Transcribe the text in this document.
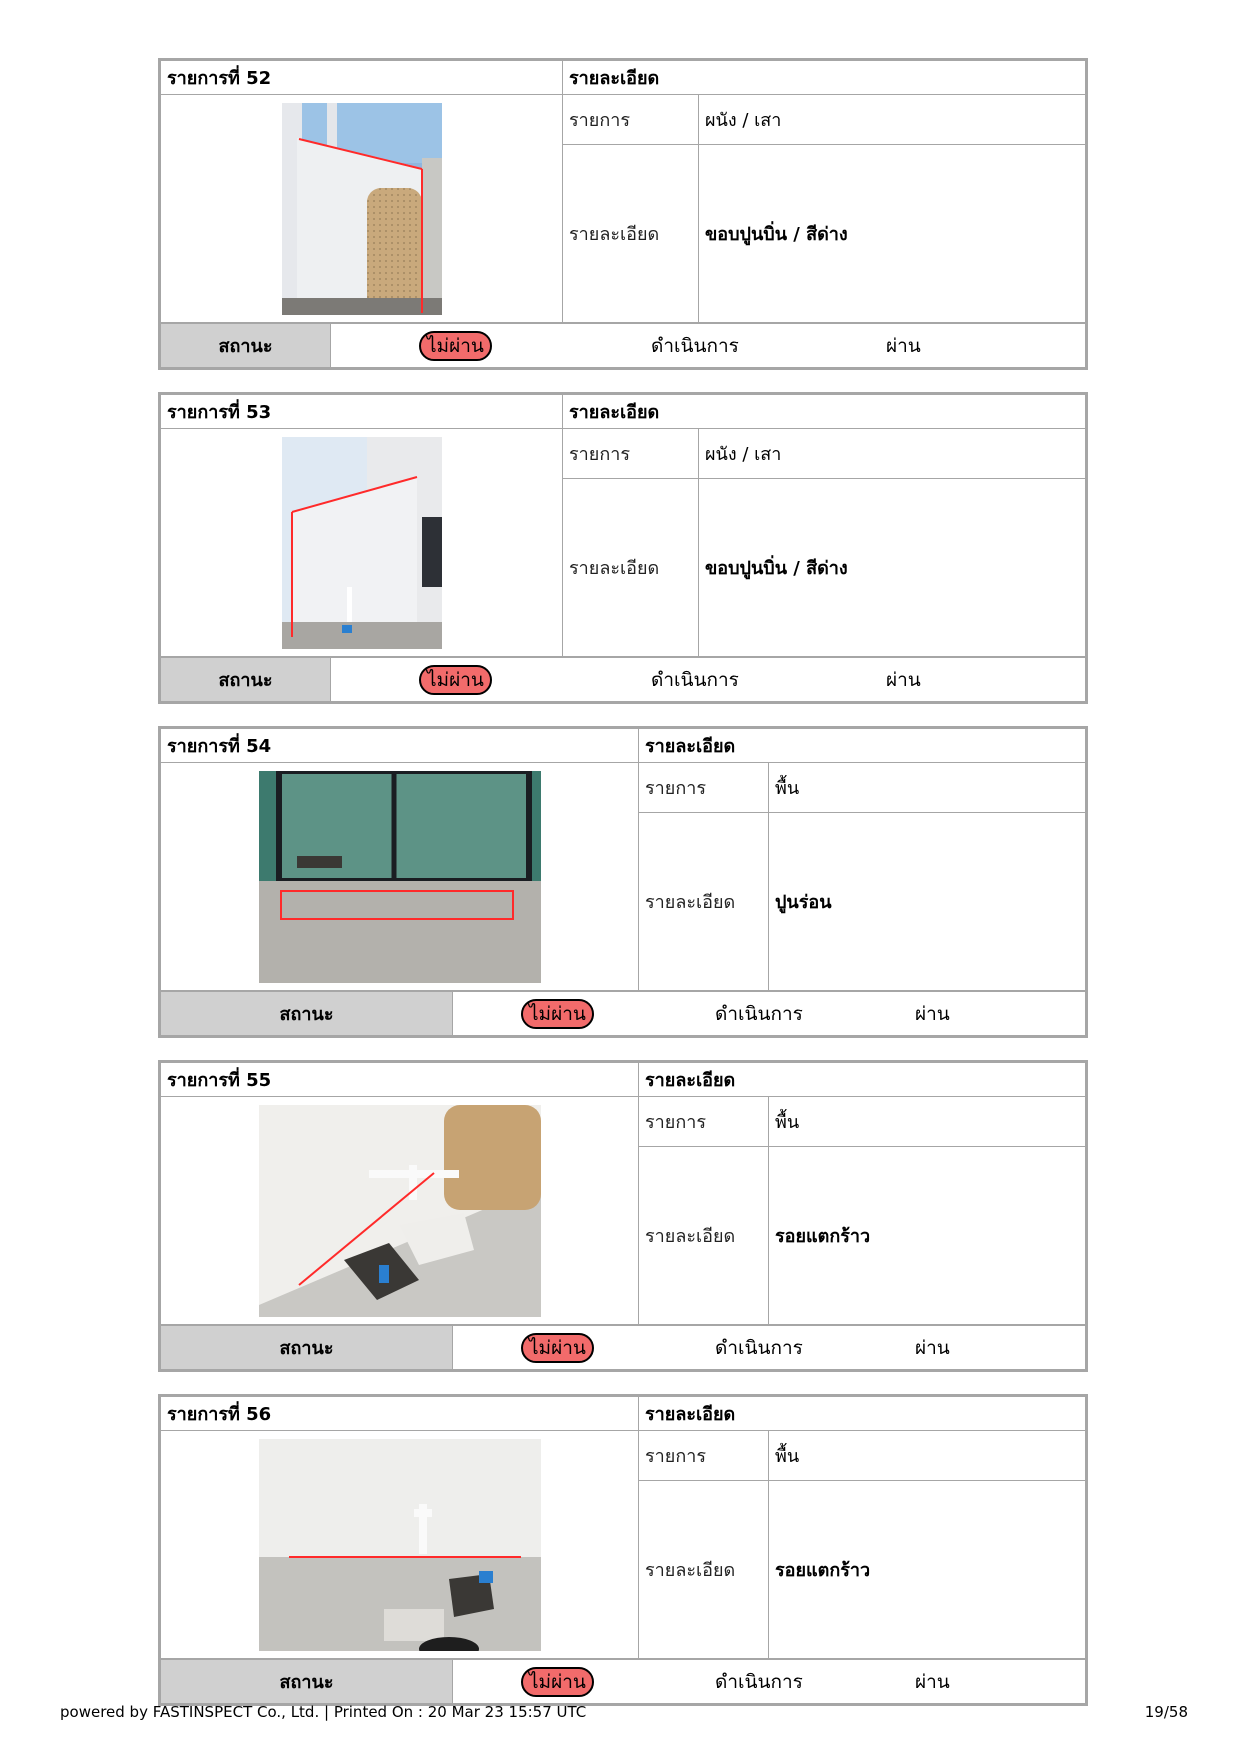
รายการที่ 52	รายละเอียด	
	รายการ	ผนัง / เสา
	รายละเอียด	ขอบปูนบิ่น / สีด่าง
สถานะ	ไม่ผ่าน	ดำเนินการ	ผ่าน
รายการที่ 53	รายละเอียด	
	รายการ	ผนัง / เสา
	รายละเอียด	ขอบปูนบิ่น / สีด่าง
สถานะ	ไม่ผ่าน	ดำเนินการ	ผ่าน
รายการที่ 54	รายละเอียด	
	รายการ	พื้น
	รายละเอียด	ปูนร่อน
สถานะ	ไม่ผ่าน	ดำเนินการ	ผ่าน
รายการที่ 55	รายละเอียด	
	รายการ	พื้น
	รายละเอียด	รอยแตกร้าว
สถานะ	ไม่ผ่าน	ดำเนินการ	ผ่าน
รายการที่ 56	รายละเอียด	
	รายการ	พื้น
	รายละเอียด	รอยแตกร้าว
สถานะ	ไม่ผ่าน	ดำเนินการ	ผ่าน
powered by FASTINSPECT Co., Ltd. | Printed On : 20 Mar 23 15:57 UTC	19/58
